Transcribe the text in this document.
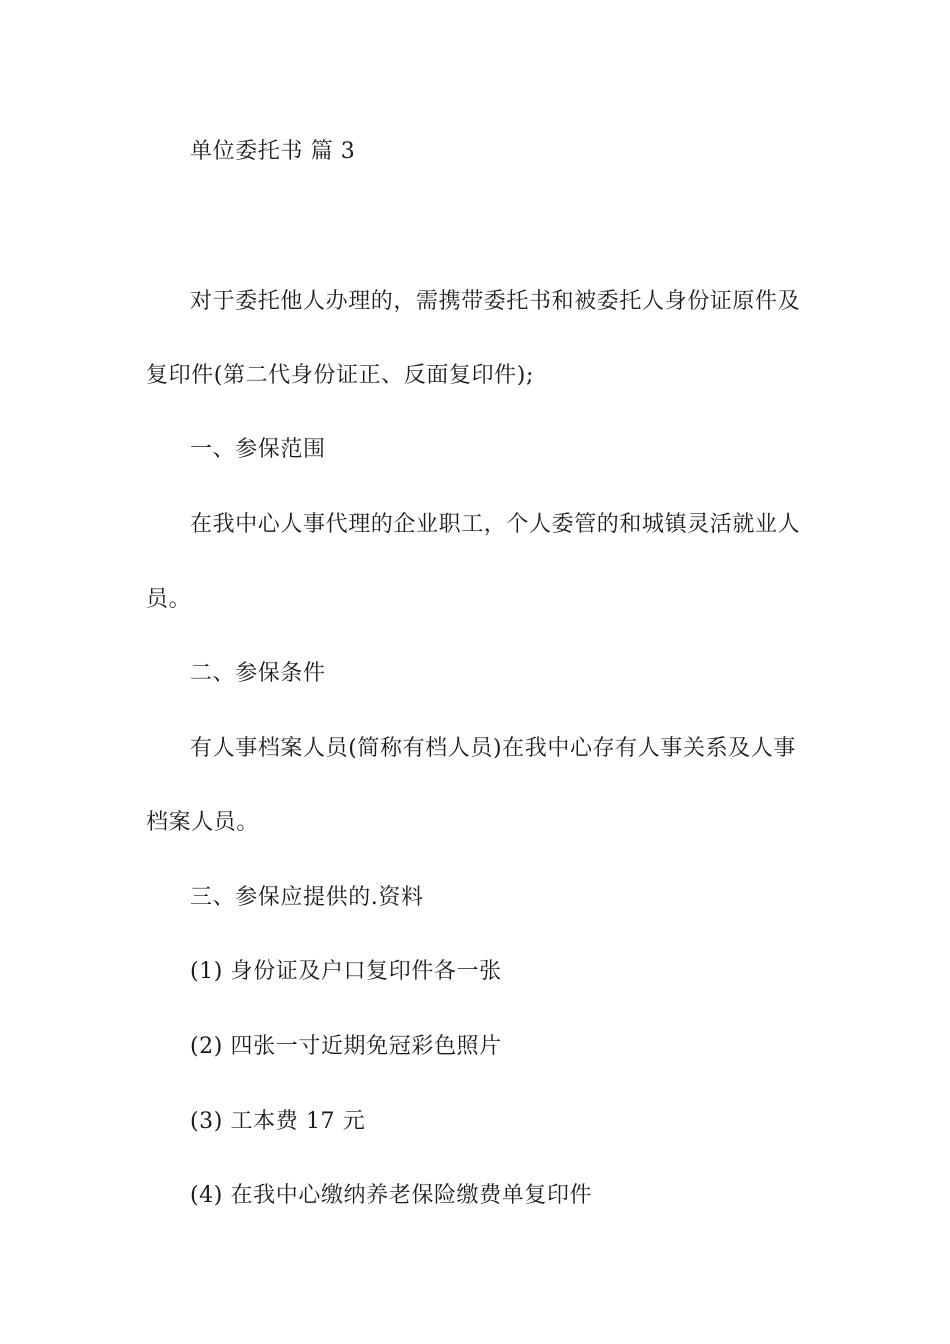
单位委托书 篇 3
对于委托他人办理的，需携带委托书和被委托人身份证原件及
复印件(第二代身份证正、反面复印件);
一、参保范围
在我中心人事代理的企业职工，个人委管的和城镇灵活就业人
员。
二、参保条件
有人事档案人员(简称有档人员)在我中心存有人事关系及人事
档案人员。
三、参保应提供的.资料
(1) 身份证及户口复印件各一张
(2) 四张一寸近期免冠彩色照片
(3) 工本费 17 元
(4) 在我中心缴纳养老保险缴费单复印件
